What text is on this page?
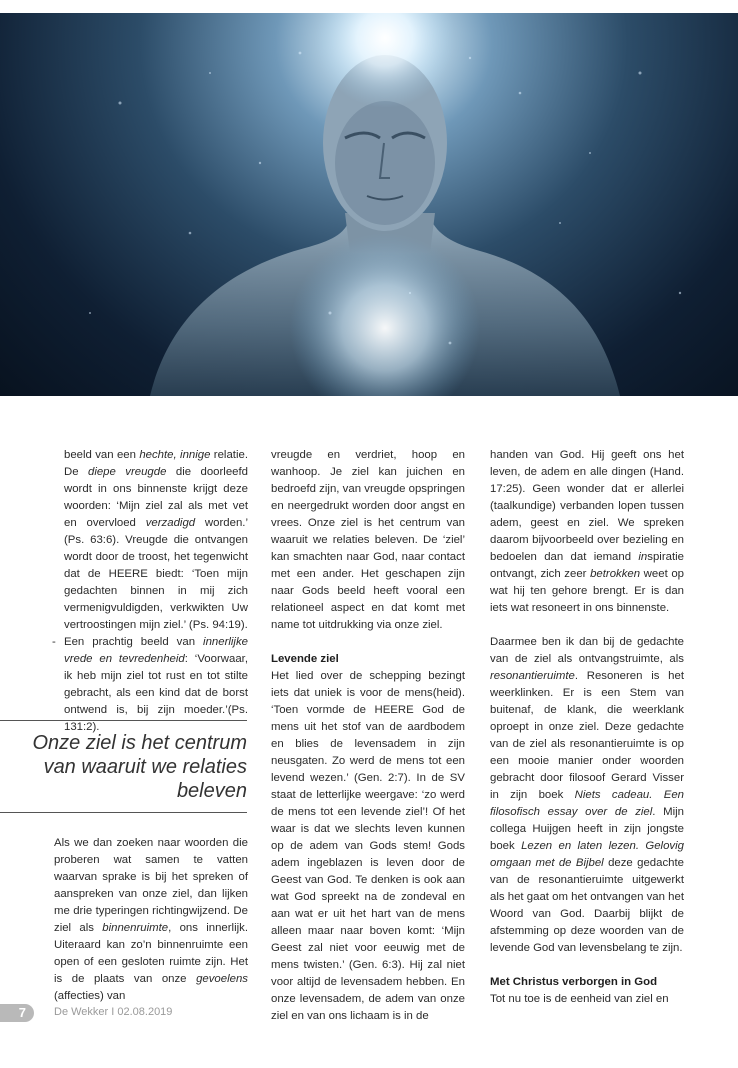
beeld van een hechte, innige relatie. De diepe vreugde die doorleefd wordt in ons binnenste krijgt deze woorden: ‘Mijn ziel zal als met vet en overvloed verzadigd worden.’ (Ps. 63:6). Vreugde die ontvangen wordt door de troost, het tegenwicht dat de HEERE biedt: ‘Toen mijn gedachten binnen in mij zich vermenigvuldigden, verkwikten Uw vertroostingen mijn ziel.’ (Ps. 94:19).

- Een prachtig beeld van innerlijke vrede en tevredenheid: ‘Voorwaar, ik heb mijn ziel tot rust en tot stilte gebracht, als een kind dat de borst ontwend is, bij zijn moeder.’(Ps. 131:2).

Onze ziel is het centrum van waaruit we relaties beleven

Als we dan zoeken naar woorden die proberen wat samen te vatten waarvan sprake is bij het spreken of aanspreken van onze ziel, dan lijken me drie typeringen richtingwijzend. De ziel als binnenruimte, ons innerlijk. Uiteraard kan zo’n binnenruimte een open of een gesloten ruimte zijn. Het is de plaats van onze gevoelens (affecties) van

vreugde en verdriet, hoop en wanhoop. Je ziel kan juichen en bedroefd zijn, van vreugde opspringen en neergedrukt worden door angst en vrees. Onze ziel is het centrum van waaruit we relaties beleven. De ‘ziel’ kan smachten naar God, naar contact met een ander. Het geschapen zijn naar Gods beeld heeft vooral een relationeel aspect en dat komt met name tot uitdrukking via onze ziel.

Levende ziel

Het lied over de schepping bezingt iets dat uniek is voor de mens(heid). ‘Toen vormde de HEERE God de mens uit het stof van de aardbodem en blies de levensadem in zijn neusgaten. Zo werd de mens tot een levend wezen.’ (Gen. 2:7). In de SV staat de letterlijke weergave: ‘zo werd de mens tot een levende ziel’! Of het waar is dat we slechts leven kunnen op de adem van Gods stem! Gods adem ingeblazen is leven door de Geest van God. Te denken is ook aan wat God spreekt na de zondeval en aan wat er uit het hart van de mens alleen maar naar boven komt: ‘Mijn Geest zal niet voor eeuwig met de mens twisten.’ (Gen. 6:3). Hij zal niet voor altijd de levensadem hebben. En onze levensadem, de adem van onze ziel en van ons lichaam is in de

handen van God. Hij geeft ons het leven, de adem en alle dingen (Hand. 17:25). Geen wonder dat er allerlei (taalkundige) verbanden lopen tussen adem, geest en ziel. We spreken daarom bijvoorbeeld over bezieling en bedoelen dan dat iemand inspiratie ontvangt, zich zeer betrokken weet op wat hij ten gehore brengt. Er is dan iets wat resoneert in ons binnenste.

Daarmee ben ik dan bij de gedachte van de ziel als ontvangstruimte, als resonantieruimte. Resoneren is het weerklinken. Er is een Stem van buitenaf, de klank, die weerklank oproept in onze ziel. Deze gedachte van de ziel als resonantieruimte is op een mooie manier onder woorden gebracht door filosoof Gerard Visser in zijn boek Niets cadeau. Een filosofisch essay over de ziel. Mijn collega Huijgen heeft in zijn jongste boek Lezen en laten lezen. Gelovig omgaan met de Bijbel deze gedachte van de resonantieruimte uitgewerkt als het gaat om het ontvangen van het Woord van God. Daarbij blijkt de afstemming op deze woorden van de levende God van levensbelang te zijn.

Met Christus verborgen in God

Tot nu toe is de eenheid van ziel en

7	De Wekker I 02.08.2019
